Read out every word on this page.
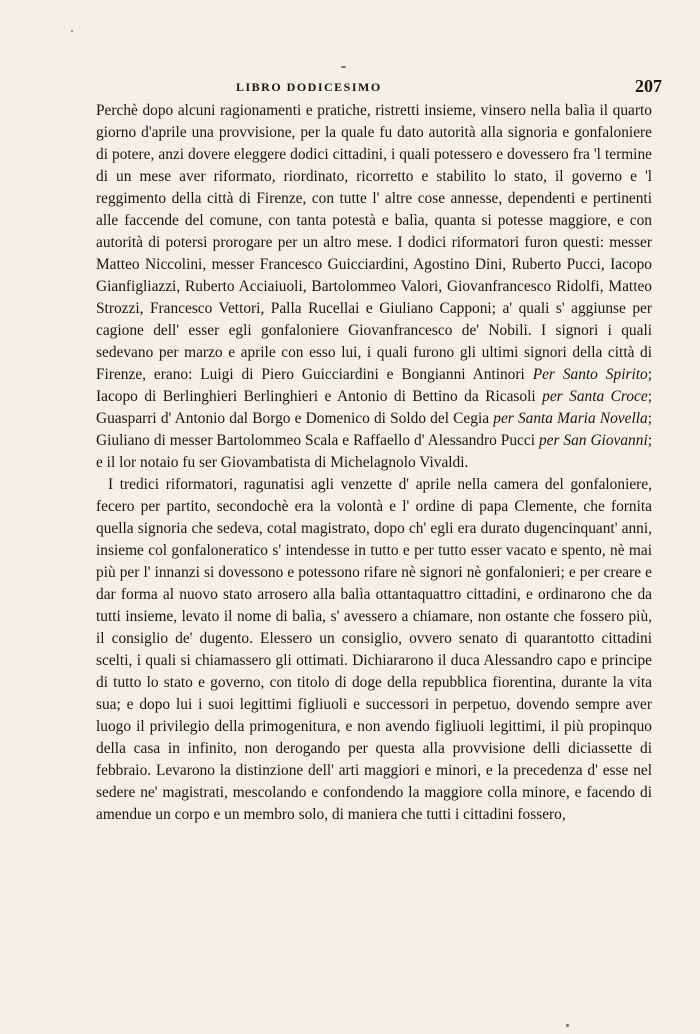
LIBRO DODICESIMO	207

Perchè dopo alcuni ragionamenti e pratiche, ristretti insieme, vinsero nella balìa il quarto giorno d'aprile una provvisione, per la quale fu dato autorità alla signoria e gonfaloniere di potere, anzi dovere eleggere dodici cittadini, i quali potessero e dovessero fra 'l termine di un mese aver riformato, riordinato, ricorretto e stabilito lo stato, il governo e 'l reggimento della città di Firenze, con tutte l' altre cose annesse, dependenti e pertinenti alle faccende del comune, con tanta potestà e balìa, quanta si potesse maggiore, e con autorità di potersi prorogare per un altro mese. I dodici riformatori furon questi: messer Matteo Niccolini, messer Francesco Guicciardini, Agostino Dini, Ruberto Pucci, Iacopo Gianfigliazzi, Ruberto Acciaiuoli, Bartolommeo Valori, Giovanfrancesco Ridolfi, Matteo Strozzi, Francesco Vettori, Palla Rucellai e Giuliano Capponi; a' quali s' aggiunse per cagione dell' esser egli gonfaloniere Giovanfrancesco de' Nobili. I signori i quali sedevano per marzo e aprile con esso lui, i quali furono gli ultimi signori della città di Firenze, erano: Luigi di Piero Guicciardini e Bongianni Antinori Per Santo Spirito; Iacopo di Berlinghieri Berlinghieri e Antonio di Bettino da Ricasoli per Santa Croce; Guasparri d' Antonio dal Borgo e Domenico di Soldo del Cegia per Santa Maria Novella; Giuliano di messer Bartolommeo Scala e Raffaello d' Alessandro Pucci per San Giovanni; e il lor notaio fu ser Giovambatista di Michelagnolo Vivaldi.

I tredici riformatori, ragunatisi agli venzette d' aprile nella camera del gonfaloniere, fecero per partito, secondochè era la volontà e l' ordine di papa Clemente, che fornita quella signoria che sedeva, cotal magistrato, dopo ch' egli era durato dugencinquant' anni, insieme col gonfaloneratico s' intendesse in tutto e per tutto esser vacato e spento, nè mai più per l' innanzi si dovessono e potessono rifare nè signori nè gonfalonieri; e per creare e dar forma al nuovo stato arrosero alla balìa ottantaquattro cittadini, e ordinarono che da tutti insieme, levato il nome di balìa, s' avessero a chiamare, non ostante che fossero più, il consiglio de' dugento. Elessero un consiglio, ovvero senato di quarantotto cittadini scelti, i quali si chiamassero gli ottimati. Dichiararono il duca Alessandro capo e principe di tutto lo stato e governo, con titolo di doge della repubblica fiorentina, durante la vita sua; e dopo lui i suoi legittimi figliuoli e successori in perpetuo, dovendo sempre aver luogo il privilegio della primogenitura, e non avendo figliuoli legittimi, il più propinquo della casa in infinito, non derogando per questa alla provvisione delli diciassette di febbraio. Levarono la distinzione dell' arti maggiori e minori, e la precedenza d' esse nel sedere ne' magistrati, mescolando e confondendo la maggiore colla minore, e facendo di amendue un corpo e un membro solo, di maniera che tutti i cittadini fossero,
